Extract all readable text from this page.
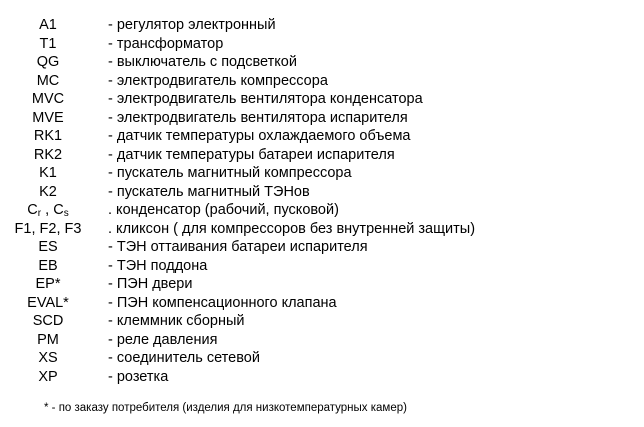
A1	- регулятор электронный
T1	- трансформатор
QG	- выключатель с подсветкой
MC	- электродвигатель компрессора
MVC	- электродвигатель вентилятора конденсатора
MVE	- электродвигатель вентилятора испарителя
RK1	- датчик температуры охлаждаемого объема
RK2	- датчик температуры батареи испарителя
K1	- пускатель магнитный компрессора
K2	- пускатель магнитный ТЭНов
$C_r$ , $C_s$	. конденсатор (рабочий, пусковой)
F1, F2, F3	. кликсон ( для компрессоров без внутренней защиты)
ES	- ТЭН оттаивания батареи испарителя
EB	- ТЭН поддона
EP*	- ПЭН двери
EVAL*	- ПЭН компенсационного клапана
SCD	- клеммник сборный
PM	- реле давления
XS	- соединитель сетевой
XP	- розетка
* - по заказу потребителя (изделия для низкотемпературных камер)
